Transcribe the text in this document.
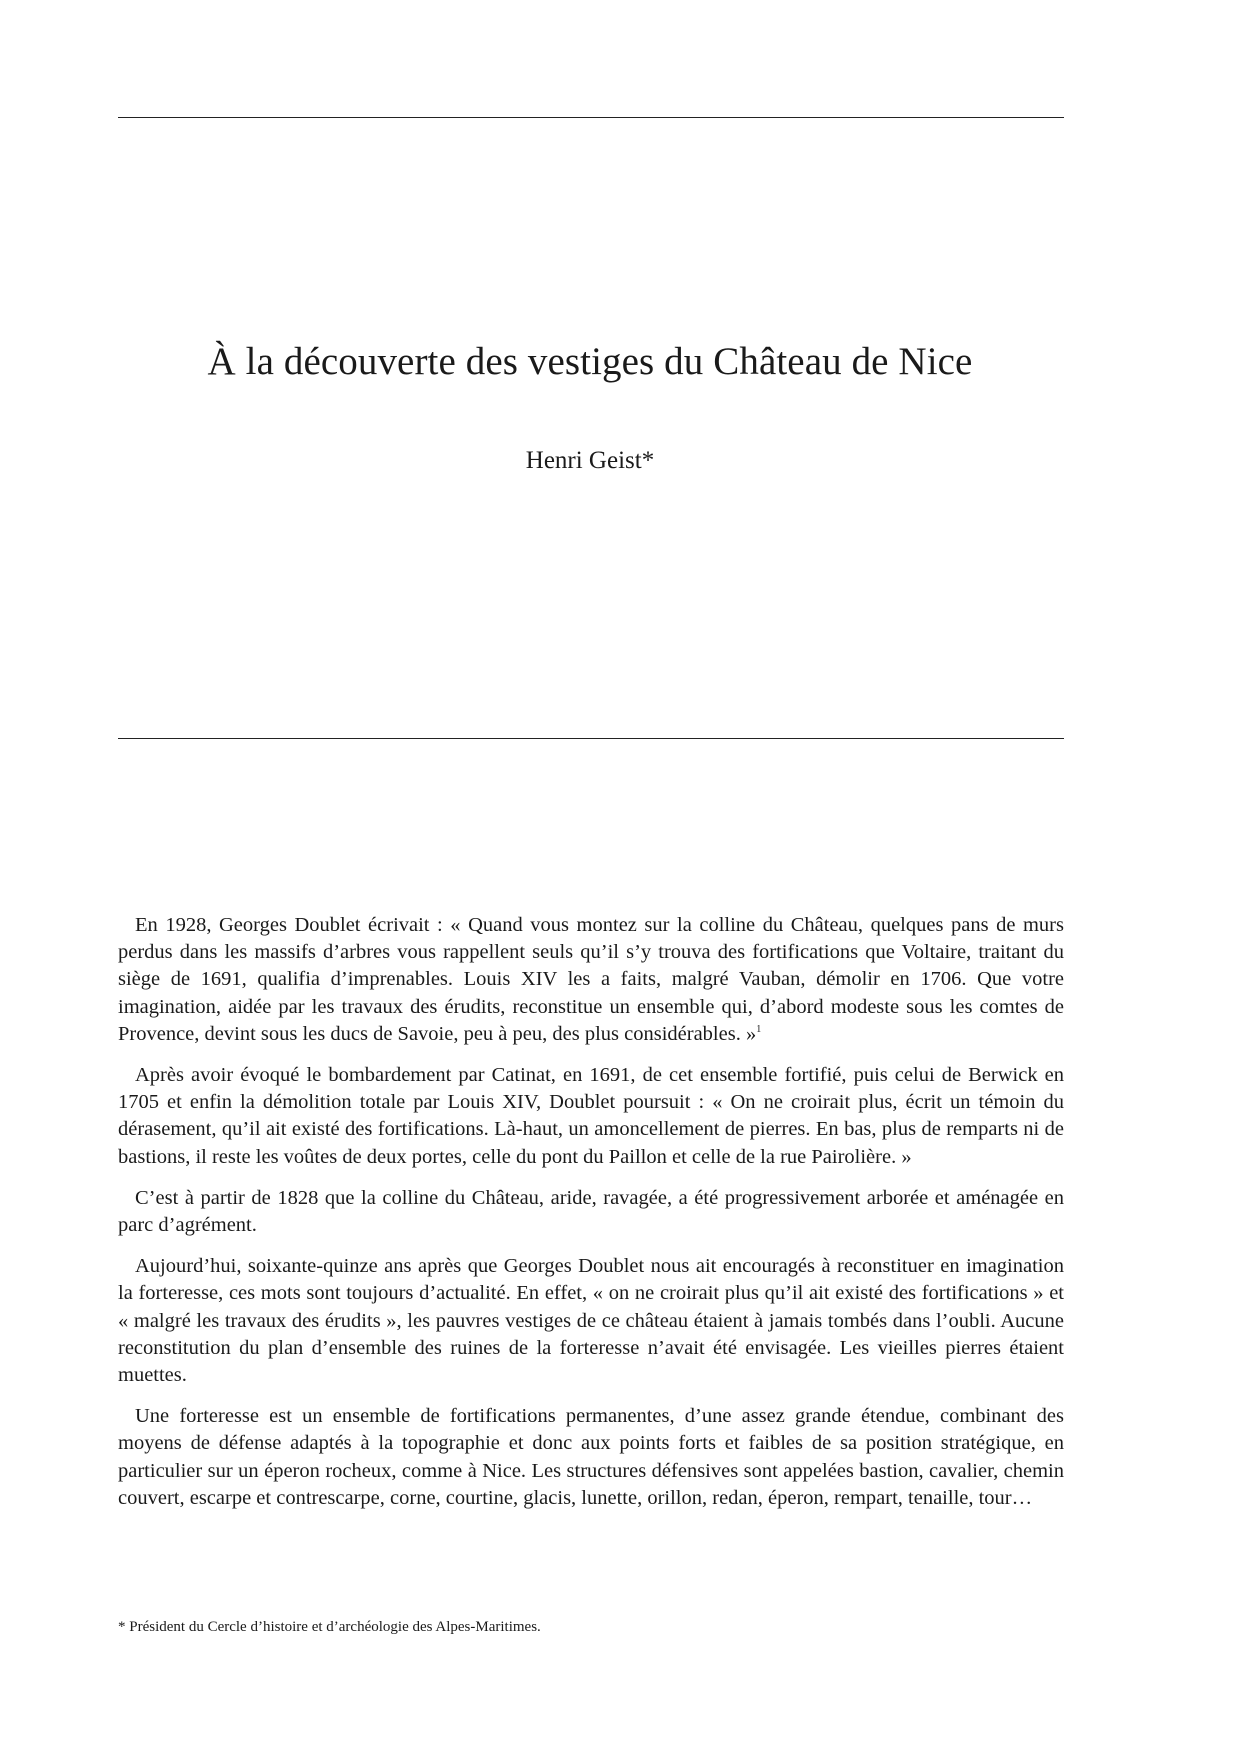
À la découverte des vestiges du Château de Nice
Henri Geist*

En 1928, Georges Doublet écrivait : « Quand vous montez sur la colline du Château, quelques pans de murs perdus dans les massifs d’arbres vous rappellent seuls qu’il s’y trouva des fortifications que Voltaire, traitant du siège de 1691, qualifia d’imprenables. Louis XIV les a faits, malgré Vauban, démolir en 1706. Que votre imagination, aidée par les travaux des érudits, reconstitue un ensemble qui, d’abord modeste sous les comtes de Provence, devint sous les ducs de Savoie, peu à peu, des plus considérables. »$^1$

Après avoir évoqué le bombardement par Catinat, en 1691, de cet ensemble fortifié, puis celui de Berwick en 1705 et enfin la démolition totale par Louis XIV, Doublet poursuit : « On ne croirait plus, écrit un témoin du dérasement, qu’il ait existé des fortifications. Là-haut, un amoncellement de pierres. En bas, plus de remparts ni de bastions, il reste les voûtes de deux portes, celle du pont du Paillon et celle de la rue Pairolière. »

C’est à partir de 1828 que la colline du Château, aride, ravagée, a été progressivement arborée et aménagée en parc d’agrément.

Aujourd’hui, soixante-quinze ans après que Georges Doublet nous ait encouragés à reconstituer en imagination la forteresse, ces mots sont toujours d’actualité. En effet, « on ne croirait plus qu’il ait existé des fortifications » et « malgré les travaux des érudits », les pauvres vestiges de ce château étaient à jamais tombés dans l’oubli. Aucune reconstitution du plan d’ensemble des ruines de la forteresse n’avait été envisagée. Les vieilles pierres étaient muettes.

Une forteresse est un ensemble de fortifications permanentes, d’une assez grande étendue, combinant des moyens de défense adaptés à la topographie et donc aux points forts et faibles de sa position stratégique, en particulier sur un éperon rocheux, comme à Nice. Les structures défensives sont appelées bastion, cavalier, chemin couvert, escarpe et contrescarpe, corne, courtine, glacis, lunette, orillon, redan, éperon, rempart, tenaille, tour…

* Président du Cercle d’histoire et d’archéologie des Alpes-Maritimes.
